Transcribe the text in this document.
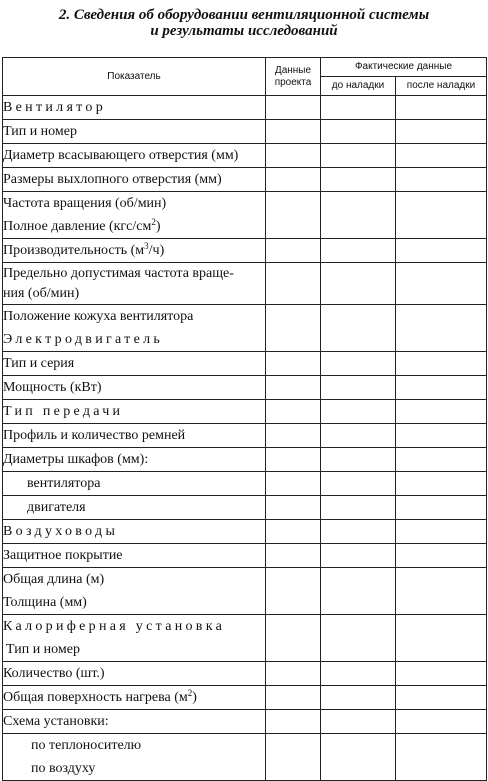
2. Сведения об оборудовании вентиляционной системы
и результаты исследований
Показатель	Данные проекта	Фактические данные	
		до наладки	после наладки
Вентилятор			
Тип и номер			
Диаметр всасывающего отверстия (мм)			
Размеры выхлопного отверстия (мм)			

Частота вращения (об/мин)
Полное давление $(кгс/см^2)$			

Производительность $(м^3/ч)$			

Предельно допустимая частота враще-
ния (об/мин)			

Положение кожуха вентилятора
Электродвигатель			

Тип и серия			
Мощность (кВт)			
Тип передачи			
Профиль и количество ремней			
Диаметры шкафов (мм):			
вентилятора			
двигателя			
Воздуховоды			
Защитное покрытие			

Общая длина (м)
Толщина (мм)			

Калориферная установка
Тип и номер			

Количество (шт.)			
Общая поверхность нагрева $(м^2)$			
Схема установки:			

по теплоносителю
по воздуху			
